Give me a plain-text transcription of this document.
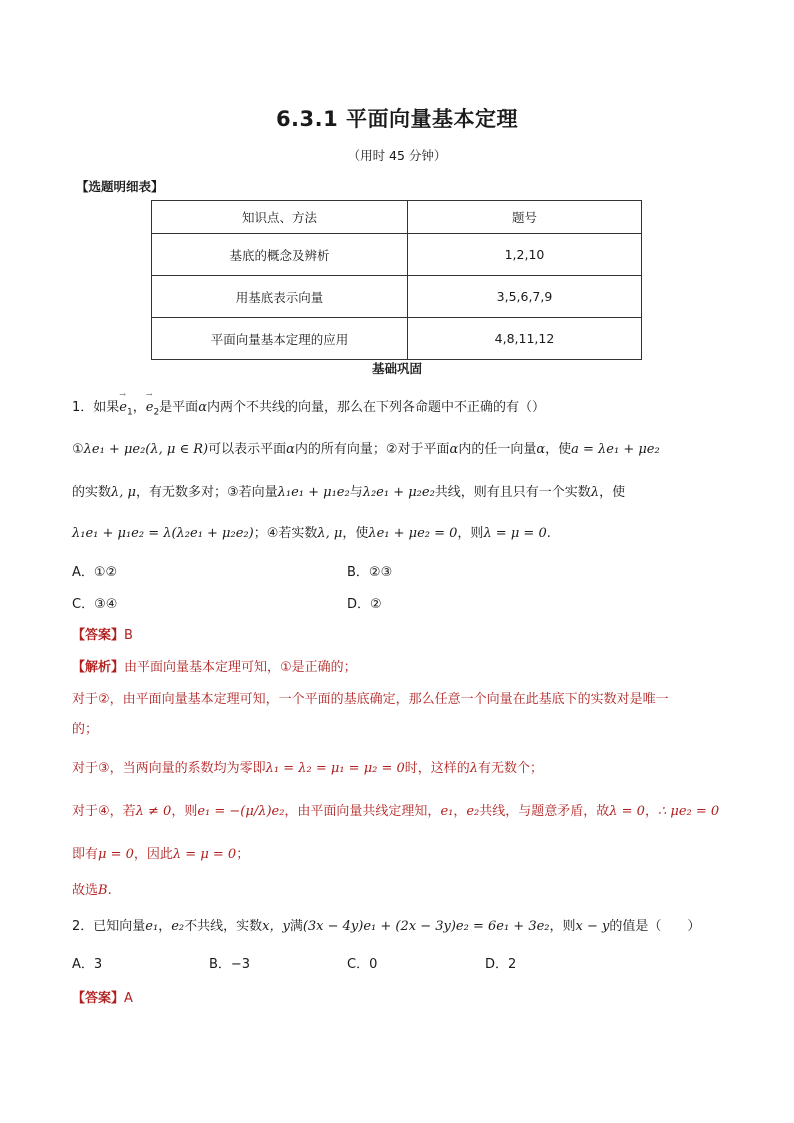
6.3.1 平面向量基本定理
（用时 45 分钟）
【选题明细表】
知识点、方法	题号
基底的概念及辨析	1,2,10
用基底表示向量	3,5,6,7,9
平面向量基本定理的应用	4,8,11,12
基础巩固
1．如果→ $e_1$，→ $e_2$是平面α内两个不共线的向量，那么在下列各命题中不正确的有（）
①λe₁ + μe₂(λ, μ ∈ R)可以表示平面α内的所有向量；②对于平面α内的任一向量α，使a = λe₁ + μe₂
的实数λ, μ，有无数多对；③若向量λ₁e₁ + μ₁e₂与λ₂e₁ + μ₂e₂共线，则有且只有一个实数λ，使
λ₁e₁ + μ₁e₂ = λ(λ₂e₁ + μ₂e₂)；④若实数λ, μ，使λe₁ + μe₂ = 0，则λ = μ = 0.
A．①②	B．②③
C．③④	D．②
【答案】B
【解析】由平面向量基本定理可知，①是正确的；
对于②，由平面向量基本定理可知，一个平面的基底确定，那么任意一个向量在此基底下的实数对是唯一
的；
对于③，当两向量的系数均为零即λ₁ = λ₂ = μ₁ = μ₂ = 0时，这样的λ有无数个；
对于④，若λ ≠ 0，则e₁ = −(μ/λ)e₂，由平面向量共线定理知，e₁，e₂共线，与题意矛盾，故λ = 0，∴ μe₂ = 0
即有μ = 0，因此λ = μ = 0；
故选B.
2．已知向量e₁，e₂不共线，实数x，y满(3x − 4y)e₁ + (2x − 3y)e₂ = 6e₁ + 3e₂，则x − y的值是（　　）
A．3	B．−3	C．0	D．2
【答案】A
